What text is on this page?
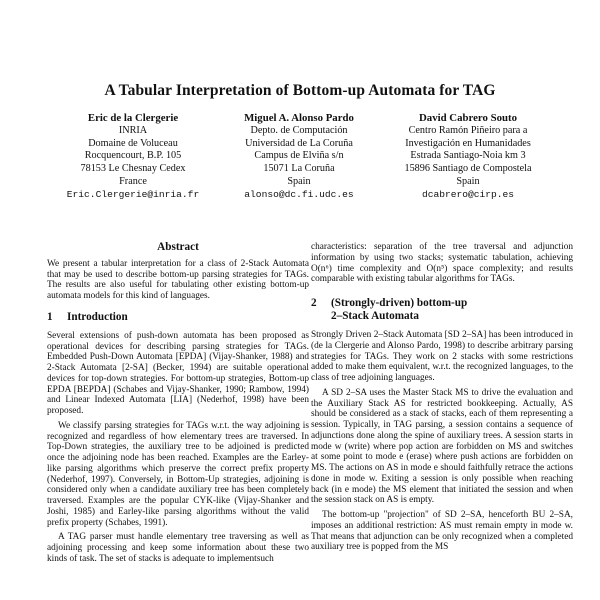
A Tabular Interpretation of Bottom-up Automata for TAG
Eric de la Clergerie
INRIA
Domaine de Voluceau
Rocquencourt, B.P. 105
78153 Le Chesnay Cedex
France
Eric.Clergerie@inria.fr
Miguel A. Alonso Pardo
Depto. de Computación
Universidad de La Coruña
Campus de Elviña s/n
15071 La Coruña
Spain
alonso@dc.fi.udc.es
David Cabrero Souto
Centro Ramón Piñeiro para a
Investigación en Humanidades
Estrada Santiago-Noia km 3
15896 Santiago de Compostela
Spain
dcabrero@cirp.es
Abstract

We present a tabular interpretation for a class of 2-Stack Automata that may be used to describe bottom-up parsing strategies for TAGs. The results are also useful for tabulating other existing bottom-up automata models for this kind of languages.

1 Introduction

Several extensions of push-down automata has been proposed as operational devices for describing parsing strategies for TAGs. Embedded Push-Down Automata [EPDA] (Vijay-Shanker, 1988) and 2-Stack Automata [2-SA] (Becker, 1994) are suitable operational devices for top-down strategies. For bottom-up strategies, Bottom-up EPDA [BEPDA] (Schabes and Vijay-Shanker, 1990; Rambow, 1994) and Linear Indexed Automata [LIA] (Nederhof, 1998) have been proposed.

We classify parsing strategies for TAGs w.r.t. the way adjoining is recognized and regardless of how elementary trees are traversed. In Top-Down strategies, the auxiliary tree to be adjoined is predicted once the adjoining node has been reached. Examples are the Earley-like parsing algorithms which preserve the correct prefix property (Nederhof, 1997). Conversely, in Bottom-Up strategies, adjoining is considered only when a candidate auxiliary tree has been completely traversed. Examples are the popular CYK-like (Vijay-Shanker and Joshi, 1985) and Earley-like parsing algorithms without the valid prefix property (Schabes, 1991).

A TAG parser must handle elementary tree traversing as well as adjoining processing and keep some information about these two kinds of task. The set of stacks is adequate to implementsuch

characteristics: separation of the tree traversal and adjunction information by using two stacks; systematic tabulation, achieving O(n⁶) time complexity and O(n⁵) space complexity; and results comparable with existing tabular algorithms for TAGs.

2 (Strongly-driven) bottom-up
2–Stack Automata

Strongly Driven 2–Stack Automata [SD 2–SA] has been introduced in (de la Clergerie and Alonso Pardo, 1998) to describe arbitrary parsing strategies for TAGs. They work on 2 stacks with some restrictions added to make them equivalent, w.r.t. the recognized languages, to the class of tree adjoining languages.

A SD 2–SA uses the Master Stack MS to drive the evaluation and the Auxiliary Stack AS for restricted bookkeeping. Actually, AS should be considered as a stack of stacks, each of them representing a session. Typically, in TAG parsing, a session contains a sequence of adjunctions done along the spine of auxiliary trees. A session starts in mode w (write) where pop action are forbidden on MS and switches at some point to mode e (erase) where push actions are forbidden on MS. The actions on AS in mode e should faithfully retrace the actions done in mode w. Exiting a session is only possible when reaching back (in e mode) the MS element that initiated the session and when the session stack on AS is empty.

The bottom-up "projection" of SD 2–SA, henceforth BU 2–SA, imposes an additional restriction: AS must remain empty in mode w. That means that adjunction can be only recognized when a completed auxiliary tree is popped from the MS
